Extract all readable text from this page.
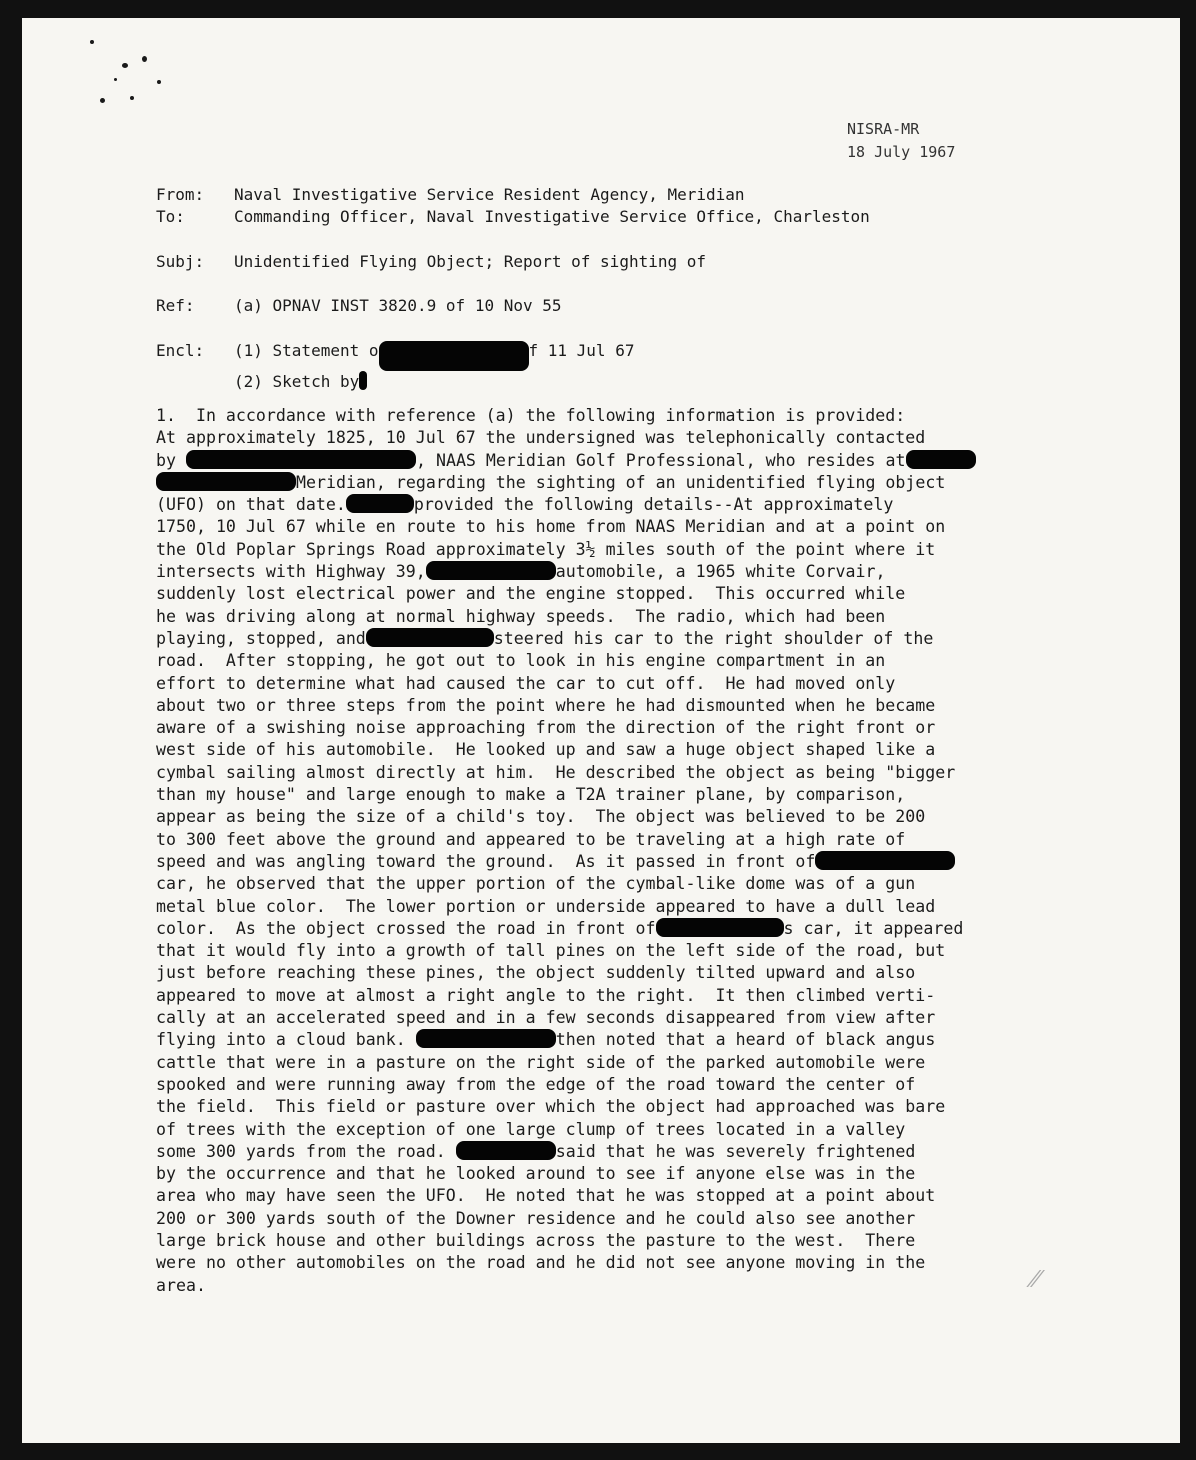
NISRA-MR
18 July 1967
From: Naval Investigative Service Resident Agency, Meridian
To:	Commanding Officer, Naval Investigative Service Office, Charleston
Subj: Unidentified Flying Object; Report of sighting of
Ref: (a) OPNAV INST 3820.9 of 10 Nov 55
Encl: (1) Statement o	f 11 Jul 67
(2) Sketch by
1.  In accordance with reference (a) the following information is provided:
At approximately 1825, 10 Jul 67 the undersigned was telephonically contacted
by	, NAAS Meridian Golf Professional, who resides at
Meridian, regarding the sighting of an unidentified flying object
(UFO) on that date.	provided the following details--At approximately
1750, 10 Jul 67 while en route to his home from NAAS Meridian and at a point on
the Old Poplar Springs Road approximately 3½ miles south of the point where it
intersects with Highway 39,	automobile, a 1965 white Corvair,
suddenly lost electrical power and the engine stopped.  This occurred while
he was driving along at normal highway speeds.  The radio, which had been
playing, stopped, and	steered his car to the right shoulder of the
road.  After stopping, he got out to look in his engine compartment in an
effort to determine what had caused the car to cut off.  He had moved only
about two or three steps from the point where he had dismounted when he became
aware of a swishing noise approaching from the direction of the right front or
west side of his automobile.  He looked up and saw a huge object shaped like a
cymbal sailing almost directly at him.  He described the object as being "bigger
than my house" and large enough to make a T2A trainer plane, by comparison,
appear as being the size of a child's toy.  The object was believed to be 200
to 300 feet above the ground and appeared to be traveling at a high rate of
speed and was angling toward the ground.  As it passed in front of
car, he observed that the upper portion of the cymbal-like dome was of a gun
metal blue color.  The lower portion or underside appeared to have a dull lead
color.  As the object crossed the road in front of	s car, it appeared
that it would fly into a growth of tall pines on the left side of the road, but
just before reaching these pines, the object suddenly tilted upward and also
appeared to move at almost a right angle to the right.  It then climbed verti-
cally at an accelerated speed and in a few seconds disappeared from view after
flying into a cloud bank.	then noted that a heard of black angus
cattle that were in a pasture on the right side of the parked automobile were
spooked and were running away from the edge of the road toward the center of
the field.  This field or pasture over which the object had approached was bare
of trees with the exception of one large clump of trees located in a valley
some 300 yards from the road.	said that he was severely frightened
by the occurrence and that he looked around to see if anyone else was in the
area who may have seen the UFO.  He noted that he was stopped at a point about
200 or 300 yards south of the Downer residence and he could also see another
large brick house and other buildings across the pasture to the west.  There
were no other automobiles on the road and he did not see anyone moving in the
area.	⁄⁄
